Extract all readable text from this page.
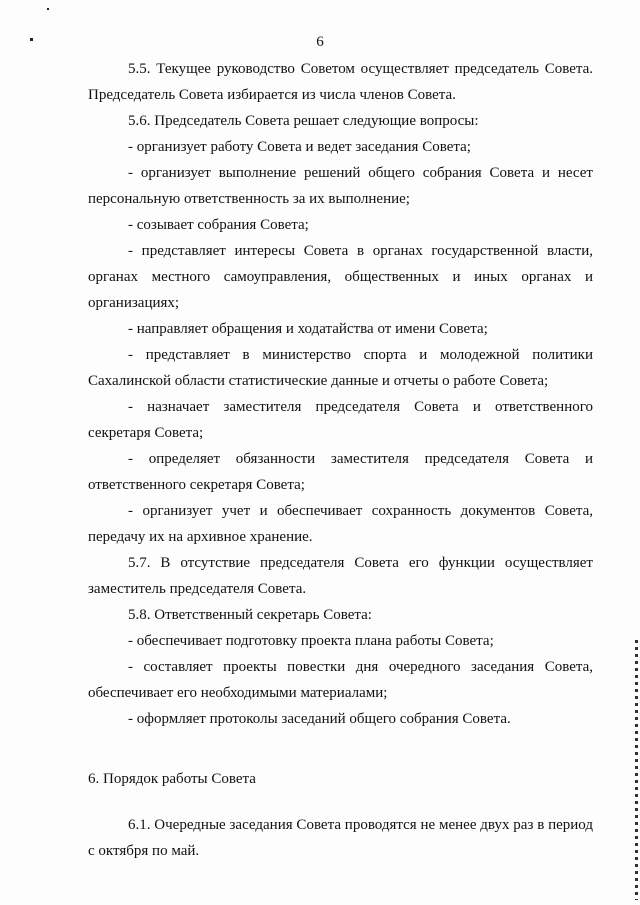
6

5.5. Текущее руководство Советом осуществляет председатель Совета.

Председатель Совета избирается из числа членов Совета.

5.6. Председатель Совета решает следующие вопросы:

- организует работу Совета и ведет заседания Совета;

- организует выполнение решений общего собрания Совета и несет персональную ответственность за их выполнение;

- созывает собрания Совета;

- представляет интересы Совета в органах государственной власти, органах местного самоуправления, общественных и иных органах и организациях;

- направляет обращения и ходатайства от имени Совета;

- представляет в министерство спорта и молодежной политики Сахалинской области статистические данные и отчеты о работе Совета;

- назначает заместителя председателя Совета и ответственного секретаря Совета;

- определяет обязанности заместителя председателя Совета и ответственного секретаря Совета;

- организует учет и обеспечивает сохранность документов Совета, передачу их на архивное хранение.

5.7. В отсутствие председателя Совета его функции осуществляет заместитель председателя Совета.

5.8. Ответственный секретарь Совета:

- обеспечивает подготовку проекта плана работы Совета;

- составляет проекты повестки дня очередного заседания Совета, обеспечивает его необходимыми материалами;

- оформляет протоколы заседаний общего собрания Совета.

6. Порядок работы Совета

6.1. Очередные заседания Совета проводятся не менее двух раз в период с октября по май.
